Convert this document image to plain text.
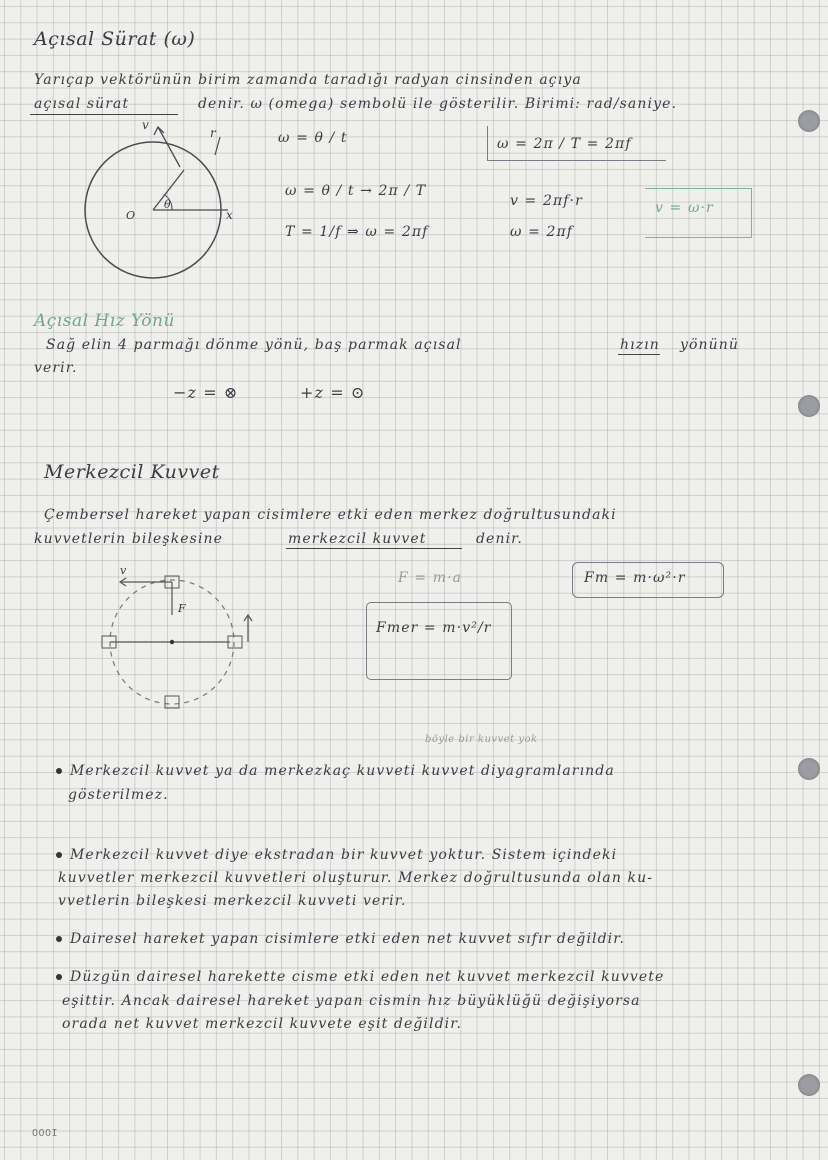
Açısal Sürat (ω)
Yarıçap vektörünün birim zamanda taradığı radyan cinsinden açıya
açısal sürat	denir. ω (omega) sembolü ile gösterilir. Birimi: rad/saniye.
v
O
θ
x
r	ω = θ / t
ω = θ / t → 2π / T
T = 1/f ⇒ ω = 2πf
ω = 2π / T = 2πf
v = 2πf·r
ω = 2πf
v = ω·r
Açısal Hız Yönü
Sağ elin 4 parmağı dönme yönü, baş parmak açısal	hızın yönünü
verir.
−z = ⊗	+z = ⊙
Merkezcil Kuvvet
Çembersel hareket yapan cisimlere etki eden merkez doğrultusundaki
kuvvetlerin bileşkesine	merkezcil kuvvet	denir.
v
F
F = m·a	Fm = m·ω²·r
Fmer = m·v²/r
böyle bir kuvvet yok
Merkezcil kuvvet ya da merkezkaç kuvveti kuvvet diyagramlarında
gösterilmez.
Merkezcil kuvvet diye ekstradan bir kuvvet yoktur. Sistem içindeki
kuvvetler merkezcil kuvvetleri oluşturur. Merkez doğrultusunda olan ku-
vvetlerin bileşkesi merkezcil kuvveti verir.
Dairesel hareket yapan cisimlere etki eden net kuvvet sıfır değildir.
Düzgün dairesel harekette cisme etki eden net kuvvet merkezcil kuvvete
eşittir. Ancak dairesel hareket yapan cismin hız büyüklüğü değişiyorsa
orada net kuvvet merkezcil kuvvete eşit değildir.
OOOI
